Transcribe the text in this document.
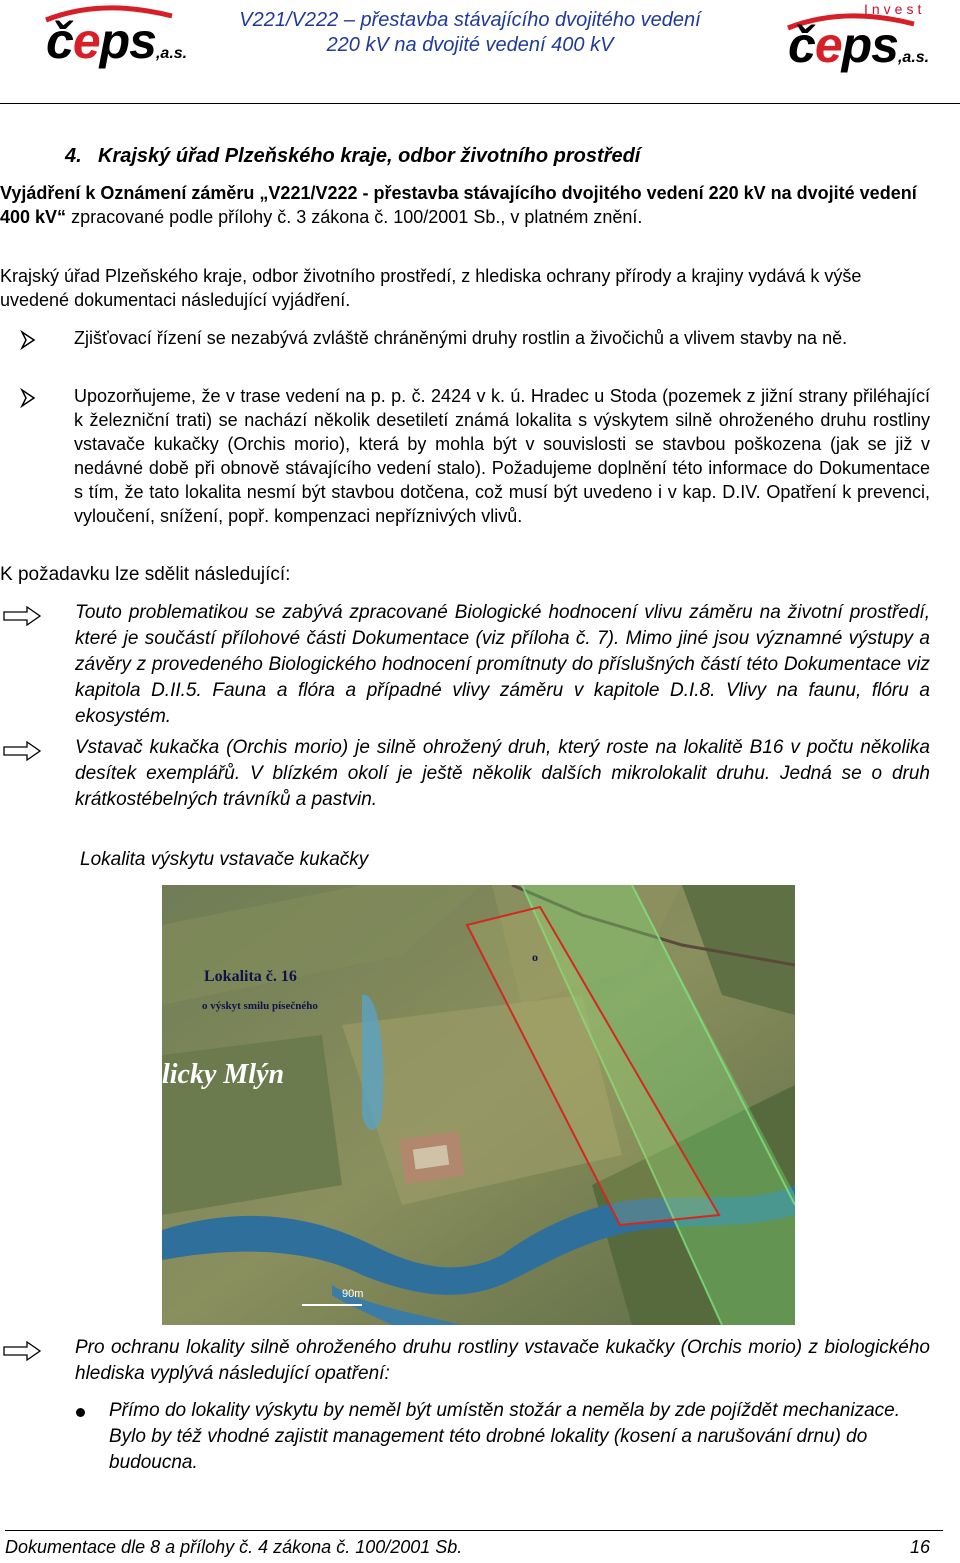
čeps,a.s.
V221/V222 – přestavba stávajícího dvojitého vedení
220 kV na dvojité vedení 400 kV
Invest
čeps,a.s.
4. Krajský úřad Plzeňského kraje, odbor životního prostředí
Vyjádření k Oznámení záměru „V221/V222 - přestavba stávajícího dvojitého vedení 220 kV na dvojité vedení 400 kV“ zpracované podle přílohy č. 3 zákona č. 100/2001 Sb., v platném znění.
Krajský úřad Plzeňského kraje, odbor životního prostředí, z hlediska ochrany přírody a krajiny vydává k výše uvedené dokumentaci následující vyjádření.
Zjišťovací řízení se nezabývá zvláště chráněnými druhy rostlin a živočichů a vlivem stavby na ně.
Upozorňujeme, že v trase vedení na p. p. č. 2424 v k. ú. Hradec u Stoda (pozemek z jižní strany přiléhající k železniční trati) se nachází několik desetiletí známá lokalita s výskytem silně ohroženého druhu rostliny vstavače kukačky (Orchis morio), která by mohla být v souvislosti se stavbou poškozena (jak se již v nedávné době při obnově stávajícího vedení stalo). Požadujeme doplnění této informace do Dokumentace s tím, že tato lokalita nesmí být stavbou dotčena, což musí být uvedeno i v kap. D.IV. Opatření k prevenci, vyloučení, snížení, popř. kompenzaci nepříznivých vlivů.
K požadavku lze sdělit následující:
Touto problematikou se zabývá zpracované Biologické hodnocení vlivu záměru na životní prostředí, které je součástí přílohové části Dokumentace (viz příloha č. 7). Mimo jiné jsou významné výstupy a závěry z provedeného Biologického hodnocení promítnuty do příslušných částí této Dokumentace viz kapitola D.II.5. Fauna a flóra a případné vlivy záměru v kapitole D.I.8. Vlivy na faunu, flóru a ekosystém.
Vstavač kukačka (Orchis morio) je silně ohrožený druh, který roste na lokalitě B16 v počtu několika desítek exemplářů. V blízkém okolí je ještě několik dalších mikrolokalit druhu. Jedná se o druh krátkostébelných trávníků a pastvin.
Lokalita výskytu vstavače kukačky
Lokalita č. 16
o výskyt smilu písečného
o
licky Mlýn
90m
Pro ochranu lokality silně ohroženého druhu rostliny vstavače kukačky (Orchis morio) z biologického hlediska vyplývá následující opatření:
Přímo do lokality výskytu by neměl být umístěn stožár a neměla by zde pojíždět mechanizace. Bylo by též vhodné zajistit management této drobné lokality (kosení a narušování drnu) do budoucna.
Dokumentace dle 8 a přílohy č. 4 zákona č. 100/2001 Sb.	16
